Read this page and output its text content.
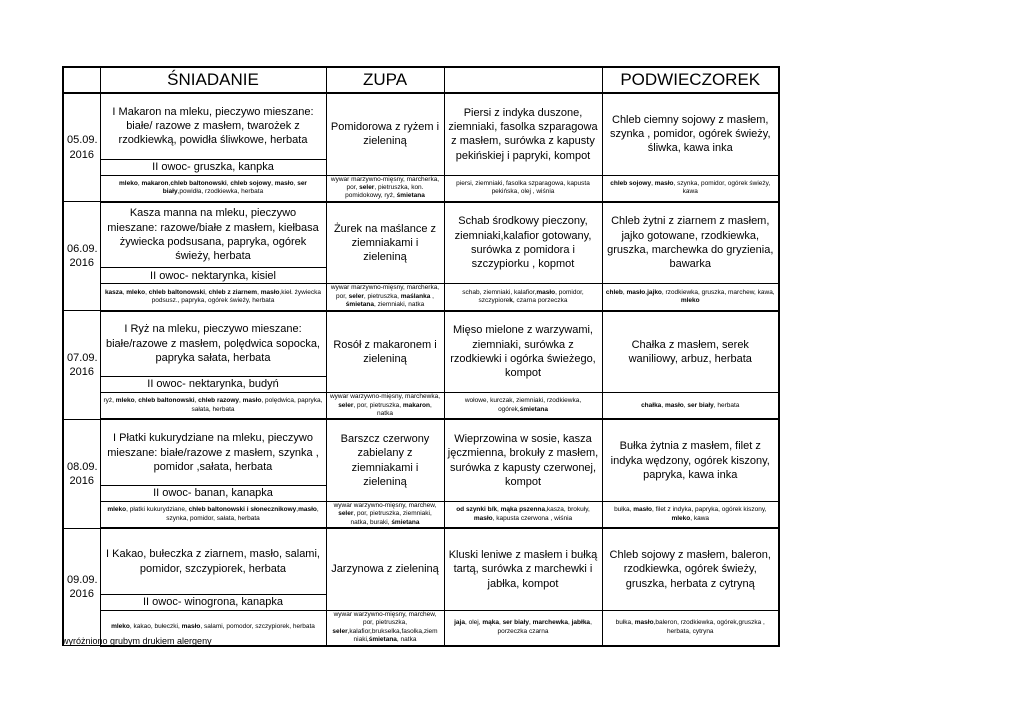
	ŚNIADANIE	ZUPA		PODWIECZOREK
05.09. 2016	I Makaron na mleku, pieczywo mieszane: białe/ razowe z masłem, twarożek z rzodkiewką, powidła śliwkowe, herbata	Pomidorowa z ryżem i zieleniną	Piersi z indyka duszone, ziemniaki, fasolka szparagowa z masłem, surówka z kapusty pekińskiej i papryki, kompot	Chleb ciemny sojowy z masłem, szynka , pomidor, ogórek świeży, śliwka, kawa inka
	II owoc- gruszka, kanpka			
	mleko, makaron,chleb baltonowski, chleb sojowy, masło, ser biały,powidła, rzodkiewka, herbata	wywar marzywno-mięsny, marcherka, por, seler, pietruszka, kon. pomidokowy, ryż, śmietana	piersi, ziemniaki, fasolka szparagowa, kapusta pekińska, olej , wiśnia	chleb sojowy, masło, szynka, pomidor, ogórek świeży, kawa
06.09. 2016	Kasza manna na mleku, pieczywo mieszane: razowe/białe z masłem, kiełbasa żywiecka podsusana, papryka, ogórek świeży, herbata	Żurek na maślance z ziemniakami i zieleniną	Schab środkowy pieczony, ziemniaki,kalafior gotowany, surówka z pomidora i szczypiorku , kopmot	Chleb żytni z ziarnem z masłem, jajko gotowane, rzodkiewka, gruszka, marchewka do gryzienia, bawarka
	II owoc- nektarynka, kisiel			
	kasza, mleko, chleb baltonowski, chleb z ziarnem, masło,kieł. żywiecka podsusz., papryka, ogórek świeży, herbata	wywar marzywno-mięsny, marcherka, por, seler, pietruszka, maślanka , śmietana, ziemniaki, natka	schab, ziemniaki, kalafior,masło, pomidor, szczypiorek, czarna porzeczka	chleb, masło,jajko, rzodkiewka, gruszka, marchew, kawa, mleko
07.09. 2016	I Ryż na mleku, pieczywo mieszane: białe/razowe z masłem, polędwica sopocka, papryka sałata, herbata	Rosół z makaronem i zieleniną	Mięso mielone z warzywami, ziemniaki, surówka z rzodkiewki i ogórka świeżego, kompot	Chałka z masłem, serek waniliowy, arbuz, herbata
	II owoc- nektarynka, budyń			
	ryż, mleko, chleb baltonowski, chleb razowy, masło, polędwica, papryka, sałata, herbata	wywar warzywno-mięsny, marchewka, seler, por, pietruszka, makaron, natka	wołowe, kurczak, ziemniaki, rzodkiewka, ogórek,śmietana	chałka, masło, ser biały, herbata
08.09. 2016	I Płatki kukurydziane na mleku, pieczywo mieszane: białe/razowe z masłem, szynka , pomidor ,sałata, herbata	Barszcz czerwony zabielany z ziemniakami i zieleniną	Wieprzowina w sosie, kasza jęczmienna, brokuły z masłem, surówka z kapusty czerwonej, kompot	Bułka żytnia z masłem, filet z indyka wędzony, ogórek kiszony, papryka, kawa inka
	II owoc- banan, kanapka			
	mleko, płatki kukurydziane, chleb baltonowski i słonecznikowy,masło, szynka, pomidor, sałata, herbata	wywar warzywno-mięsny, marchew, seler, por, pietruszka, ziemniaki, natka, buraki, śmietana	od szynki b/k, mąka pszenna,kasza, brokuły, masło, kapusta czerwona , wiśnia	bułka, masło, filet z indyka, papryka, ogórek kiszony, mleko, kawa
09.09. 2016	I Kakao, bułeczka z ziarnem, masło, salami, pomidor, szczypiorek, herbata	Jarzynowa z zieleniną	Kluski leniwe z masłem i bułką tartą, surówka z marchewki i jabłka, kompot	Chleb sojowy z masłem, baleron, rzodkiewka, ogórek świeży, gruszka, herbata z cytryną
	II owoc- winogrona, kanapka			
	mleko, kakao, bułeczki, masło, salami, pomodor, szczypiorek, herbata	wywar warzywno-mięsny, marchew, por, pietruszka, seler,kalafior,brukselka,fasolka,ziem niaki,śmietana, natka	jaja, olej, mąka, ser biały, marchewka, jabłka, porzeczka czarna	bułka, masło,baleron, rzodkiewka, ogórek,gruszka , herbata, cytryna
wyróżniono grubym drukiem alergeny
